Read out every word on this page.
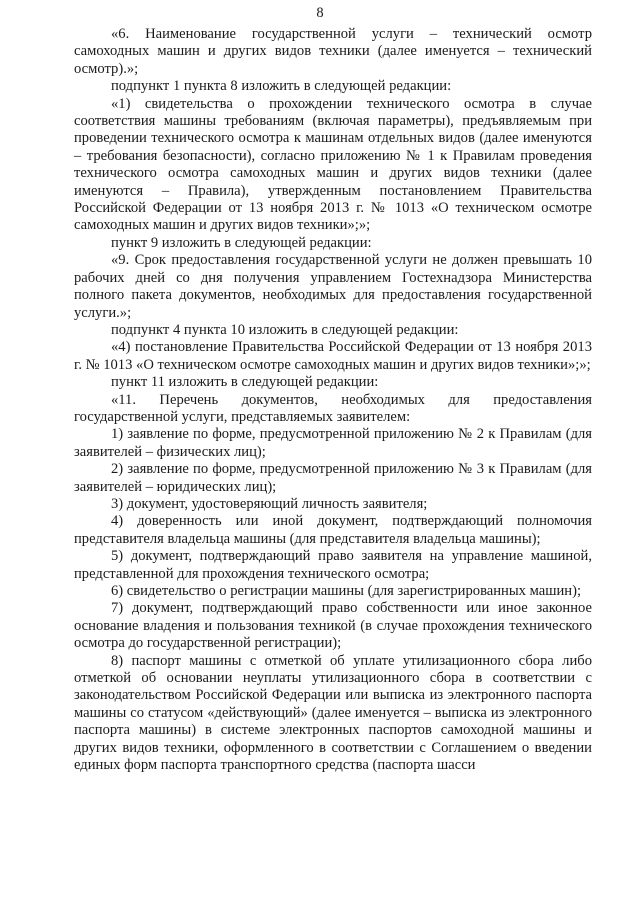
8

«6. Наименование государственной услуги – технический осмотр самоходных машин и других видов техники (далее именуется – технический осмотр).»;

подпункт 1 пункта 8 изложить в следующей редакции:

«1) свидетельства о прохождении технического осмотра в случае соответствия машины требованиям (включая параметры), предъявляемым при проведении технического осмотра к машинам отдельных видов (далее именуются – требования безопасности), согласно приложению № 1 к Правилам проведения технического осмотра самоходных машин и других видов техники (далее именуются – Правила), утвержденным постановлением Правительства Российской Федерации от 13 ноября 2013 г. № 1013 «О техническом осмотре самоходных машин и других видов техники»;»;

пункт 9 изложить в следующей редакции:

«9. Срок предоставления государственной услуги не должен превышать 10 рабочих дней со дня получения управлением Гостехнадзора Министерства полного пакета документов, необходимых для предоставления государственной услуги.»;

подпункт 4 пункта 10 изложить в следующей редакции:

«4) постановление Правительства Российской Федерации от 13 ноября 2013 г. № 1013 «О техническом осмотре самоходных машин и других видов техники»;»;

пункт 11 изложить в следующей редакции:

«11. Перечень документов, необходимых для предоставления государственной услуги, представляемых заявителем:

1) заявление по форме, предусмотренной приложению № 2 к Правилам (для заявителей – физических лиц);

2) заявление по форме, предусмотренной приложению № 3 к Правилам (для заявителей – юридических лиц);

3) документ, удостоверяющий личность заявителя;

4) доверенность или иной документ, подтверждающий полномочия представителя владельца машины (для представителя владельца машины);

5) документ, подтверждающий право заявителя на управление машиной, представленной для прохождения технического осмотра;

6) свидетельство о регистрации машины (для зарегистрированных машин);

7) документ, подтверждающий право собственности или иное законное основание владения и пользования техникой (в случае прохождения технического осмотра до государственной регистрации);

8) паспорт машины с отметкой об уплате утилизационного сбора либо отметкой об основании неуплаты утилизационного сбора в соответствии с законодательством Российской Федерации или выписка из электронного паспорта машины со статусом «действующий» (далее именуется – выписка из электронного паспорта машины) в системе электронных паспортов самоходной машины и других видов техники, оформленного в соответствии с Соглашением о введении единых форм паспорта транспортного средства (паспорта шасси
